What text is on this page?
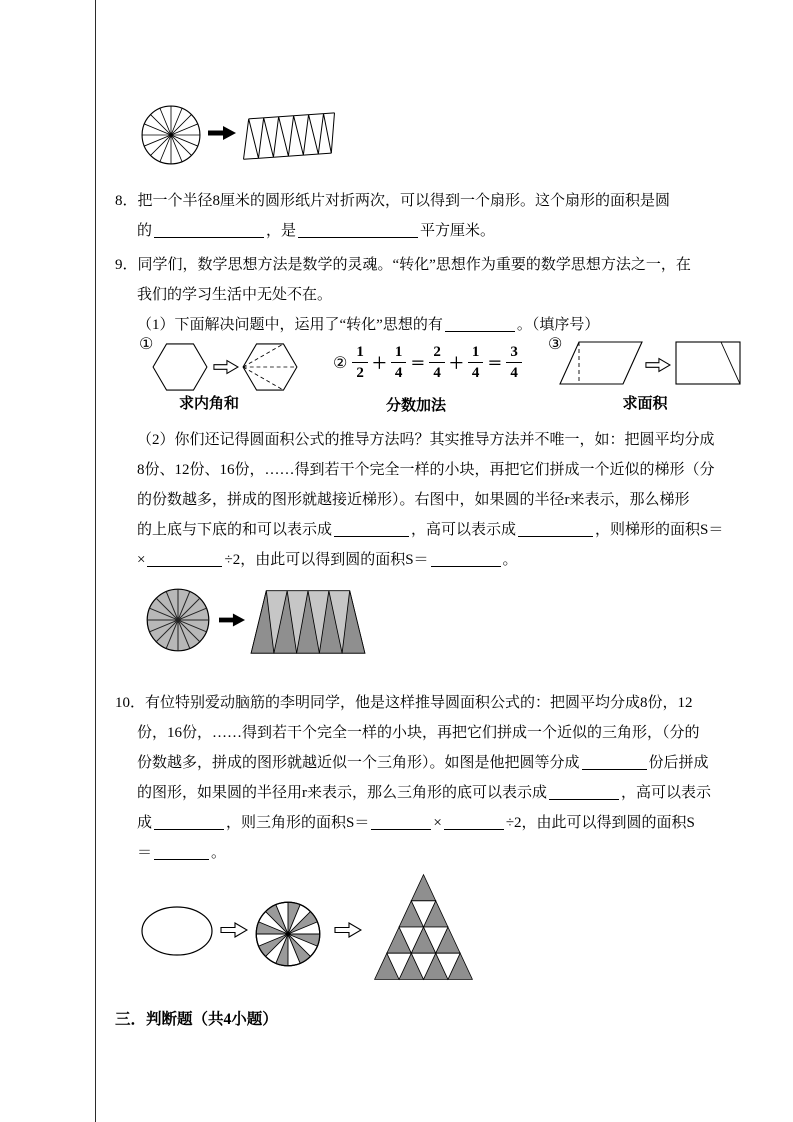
8．把一个半径8厘米的圆形纸片对折两次，可以得到一个扇形。这个扇形的面积是圆
的	，是	平方厘米。
9．同学们，数学思想方法是数学的灵魂。“转化”思想作为重要的数学思想方法之一，在
我们的学习生活中无处不在。
（1）下面解决问题中，运用了“转化”思想的有	。（填序号）
①
求内角和
② $\frac{1}{2} + \frac{1}{4} = \frac{2}{4} + \frac{1}{4} = \frac{3}{4}$
分数加法
③
求面积
（2）你们还记得圆面积公式的推导方法吗？其实推导方法并不唯一，如：把圆平均分成
8份、12份、16份，……得到若干个完全一样的小块，再把它们拼成一个近似的梯形（分
的份数越多，拼成的图形就越接近梯形）。右图中，如果圆的半径r来表示，那么梯形
的上底与下底的和可以表示成	，高可以表示成	，则梯形的面积S＝
×	÷2，由此可以得到圆的面积S＝	。
10．有位特别爱动脑筋的李明同学，他是这样推导圆面积公式的：把圆平均分成8份，12
份，16份，……得到若干个完全一样的小块，再把它们拼成一个近似的三角形，（分的
份数越多，拼成的图形就越近似一个三角形）。如图是他把圆等分成	份后拼成
的图形，如果圆的半径用r来表示，那么三角形的底可以表示成	，高可以表示
成	，则三角形的面积S＝	×	÷2，由此可以得到圆的面积S
＝	。
三．判断题（共4小题）
